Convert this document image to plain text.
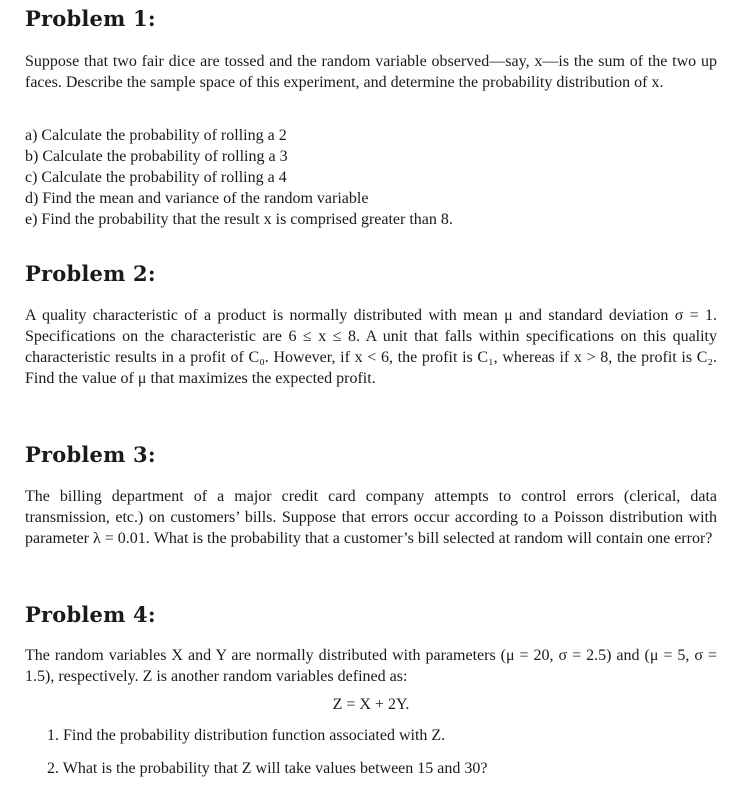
Problem 1:

Suppose that two fair dice are tossed and the random variable observed—say, x—is the sum of the two up faces. Describe the sample space of this experiment, and determine the probability distribution of x.

a) Calculate the probability of rolling a 2
b) Calculate the probability of rolling a 3
c) Calculate the probability of rolling a 4
d) Find the mean and variance of the random variable
e) Find the probability that the result x is comprised greater than 8.
Problem 2:

A quality characteristic of a product is normally distributed with mean μ and standard deviation σ = 1. Specifications on the characteristic are 6 ≤ x ≤ 8. A unit that falls within specifications on this quality characteristic results in a profit of C₀. However, if x < 6, the profit is C₁, whereas if x > 8, the profit is C₂. Find the value of μ that maximizes the expected profit.

Problem 3:

The billing department of a major credit card company attempts to control errors (clerical, data transmission, etc.) on customers’ bills. Suppose that errors occur according to a Poisson distribution with parameter λ = 0.01. What is the probability that a customer’s bill selected at random will contain one error?

Problem 4:

The random variables X and Y are normally distributed with parameters (μ = 20, σ = 2.5) and (μ = 5, σ = 1.5), respectively. Z is another random variables defined as:

Z = X + 2Y.
1. Find the probability distribution function associated with Z.
2. What is the probability that Z will take values between 15 and 30?
